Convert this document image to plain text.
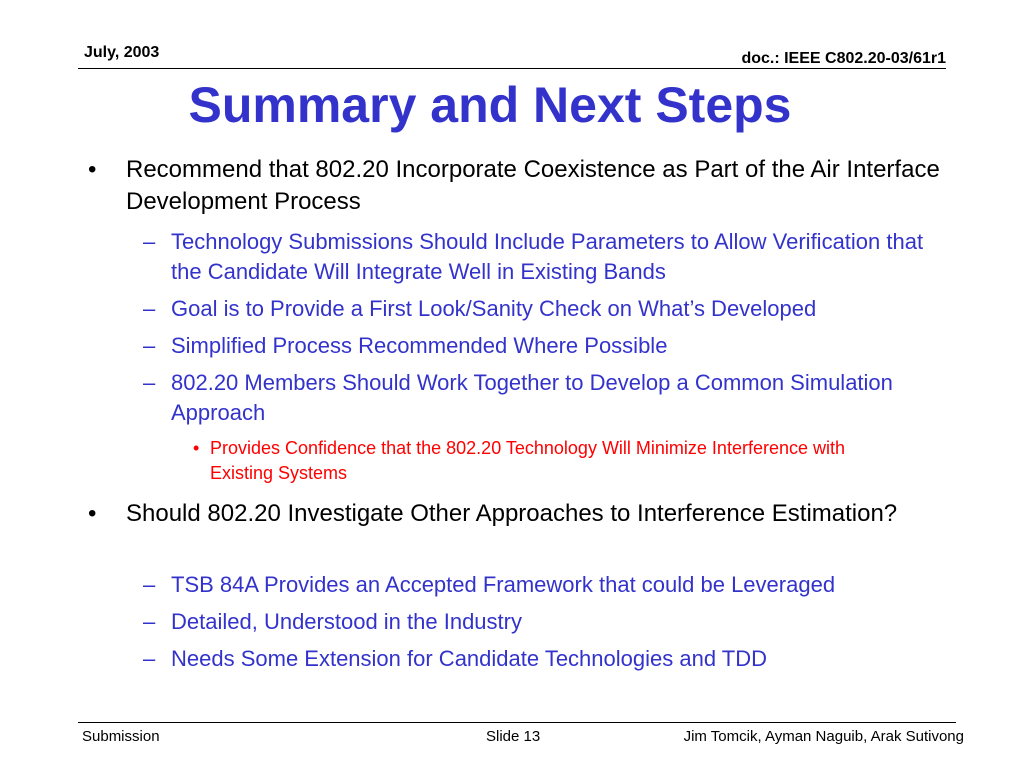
July, 2003	doc.: IEEE C802.20-03/61r1
Summary and Next Steps
• Recommend that 802.20 Incorporate Coexistence as Part of the Air Interface Development Process
– Technology Submissions Should Include Parameters to Allow Verification that the Candidate Will Integrate Well in Existing Bands
– Goal is to Provide a First Look/Sanity Check on What’s Developed
– Simplified Process Recommended Where Possible
– 802.20 Members Should Work Together to Develop a Common Simulation Approach
• Provides Confidence that the 802.20 Technology Will Minimize Interference with Existing Systems
• Should 802.20 Investigate Other Approaches to Interference Estimation?
– TSB 84A Provides an Accepted Framework that could be Leveraged
– Detailed, Understood in the Industry
– Needs Some Extension for Candidate Technologies and TDD
Submission	Slide 13	Jim Tomcik, Ayman Naguib, Arak Sutivong
